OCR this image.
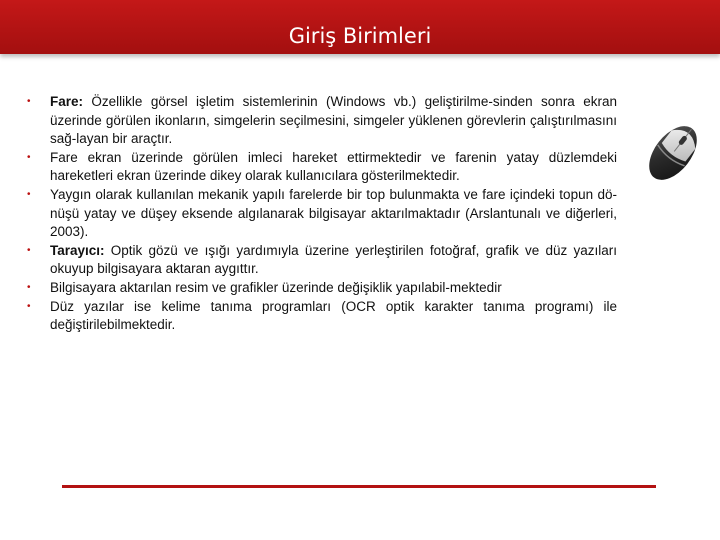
Giriş Birimleri
• Fare: Özellikle görsel işletim sistemlerinin (Windows vb.) geliştirilme-sinden sonra ekran üzerinde görülen ikonların, simgelerin seçilmesini, simgeler yüklenen görevlerin çalıştırılmasını sağ-layan bir araçtır.
• Fare ekran üzerinde görülen imleci hareket ettirmektedir ve farenin yatay düzlemdeki hareketleri ekran üzerinde dikey olarak kullanıcılara gösterilmektedir.
• Yaygın olarak kullanılan mekanik yapılı farelerde bir top bulunmakta ve fare içindeki topun dö-nüşü yatay ve düşey eksende algılanarak bilgisayar aktarılmaktadır (Arslantunalı ve diğerleri, 2003).
• Tarayıcı: Optik gözü ve ışığı yardımıyla üzerine yerleştirilen fotoğraf, grafik ve düz yazıları okuyup bilgisayara aktaran aygıttır.
• Bilgisayara aktarılan resim ve grafikler üzerinde değişiklik yapılabil-mektedir
• Düz yazılar ise kelime tanıma programları (OCR optik karakter tanıma programı) ile değiştirilebilmektedir.
